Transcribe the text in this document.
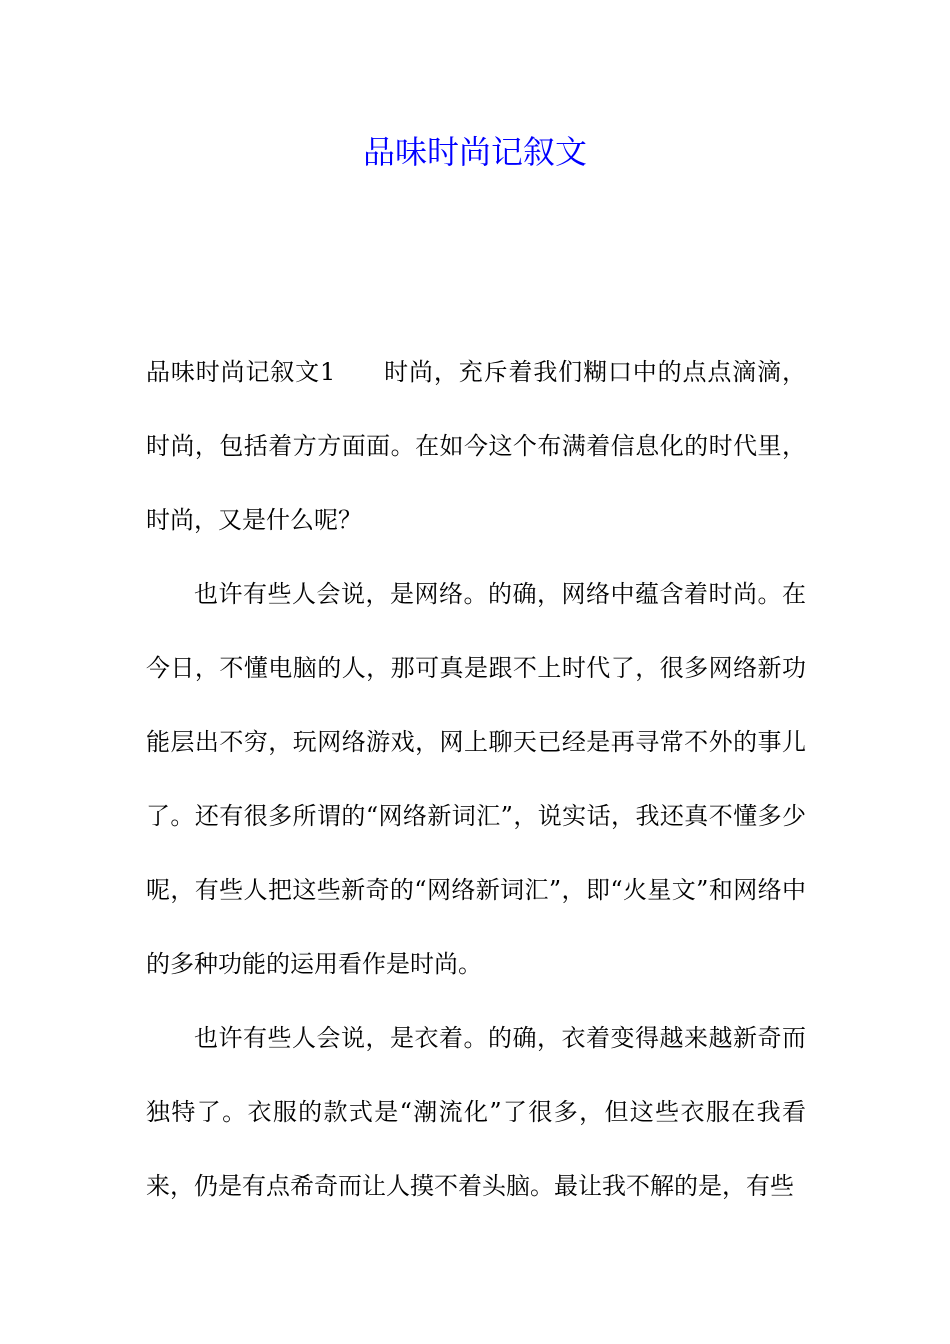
品味时尚记叙文

品味时尚记叙文1 时尚，充斥着我们糊口中的点点滴滴，时尚，包括着方方面面。在如今这个布满着信息化的时代里，时尚，又是什么呢？

也许有些人会说，是网络。的确，网络中蕴含着时尚。在今日，不懂电脑的人，那可真是跟不上时代了，很多网络新功能层出不穷，玩网络游戏，网上聊天已经是再寻常不外的事儿了。还有很多所谓的“网络新词汇”，说实话，我还真不懂多少呢，有些人把这些新奇的“网络新词汇”，即“火星文”和网络中的多种功能的运用看作是时尚。

也许有些人会说，是衣着。的确，衣着变得越来越新奇而独特了。衣服的款式是“潮流化”了很多，但这些衣服在我看来，仍是有点希奇而让人摸不着头脑。最让我不解的是，有些
